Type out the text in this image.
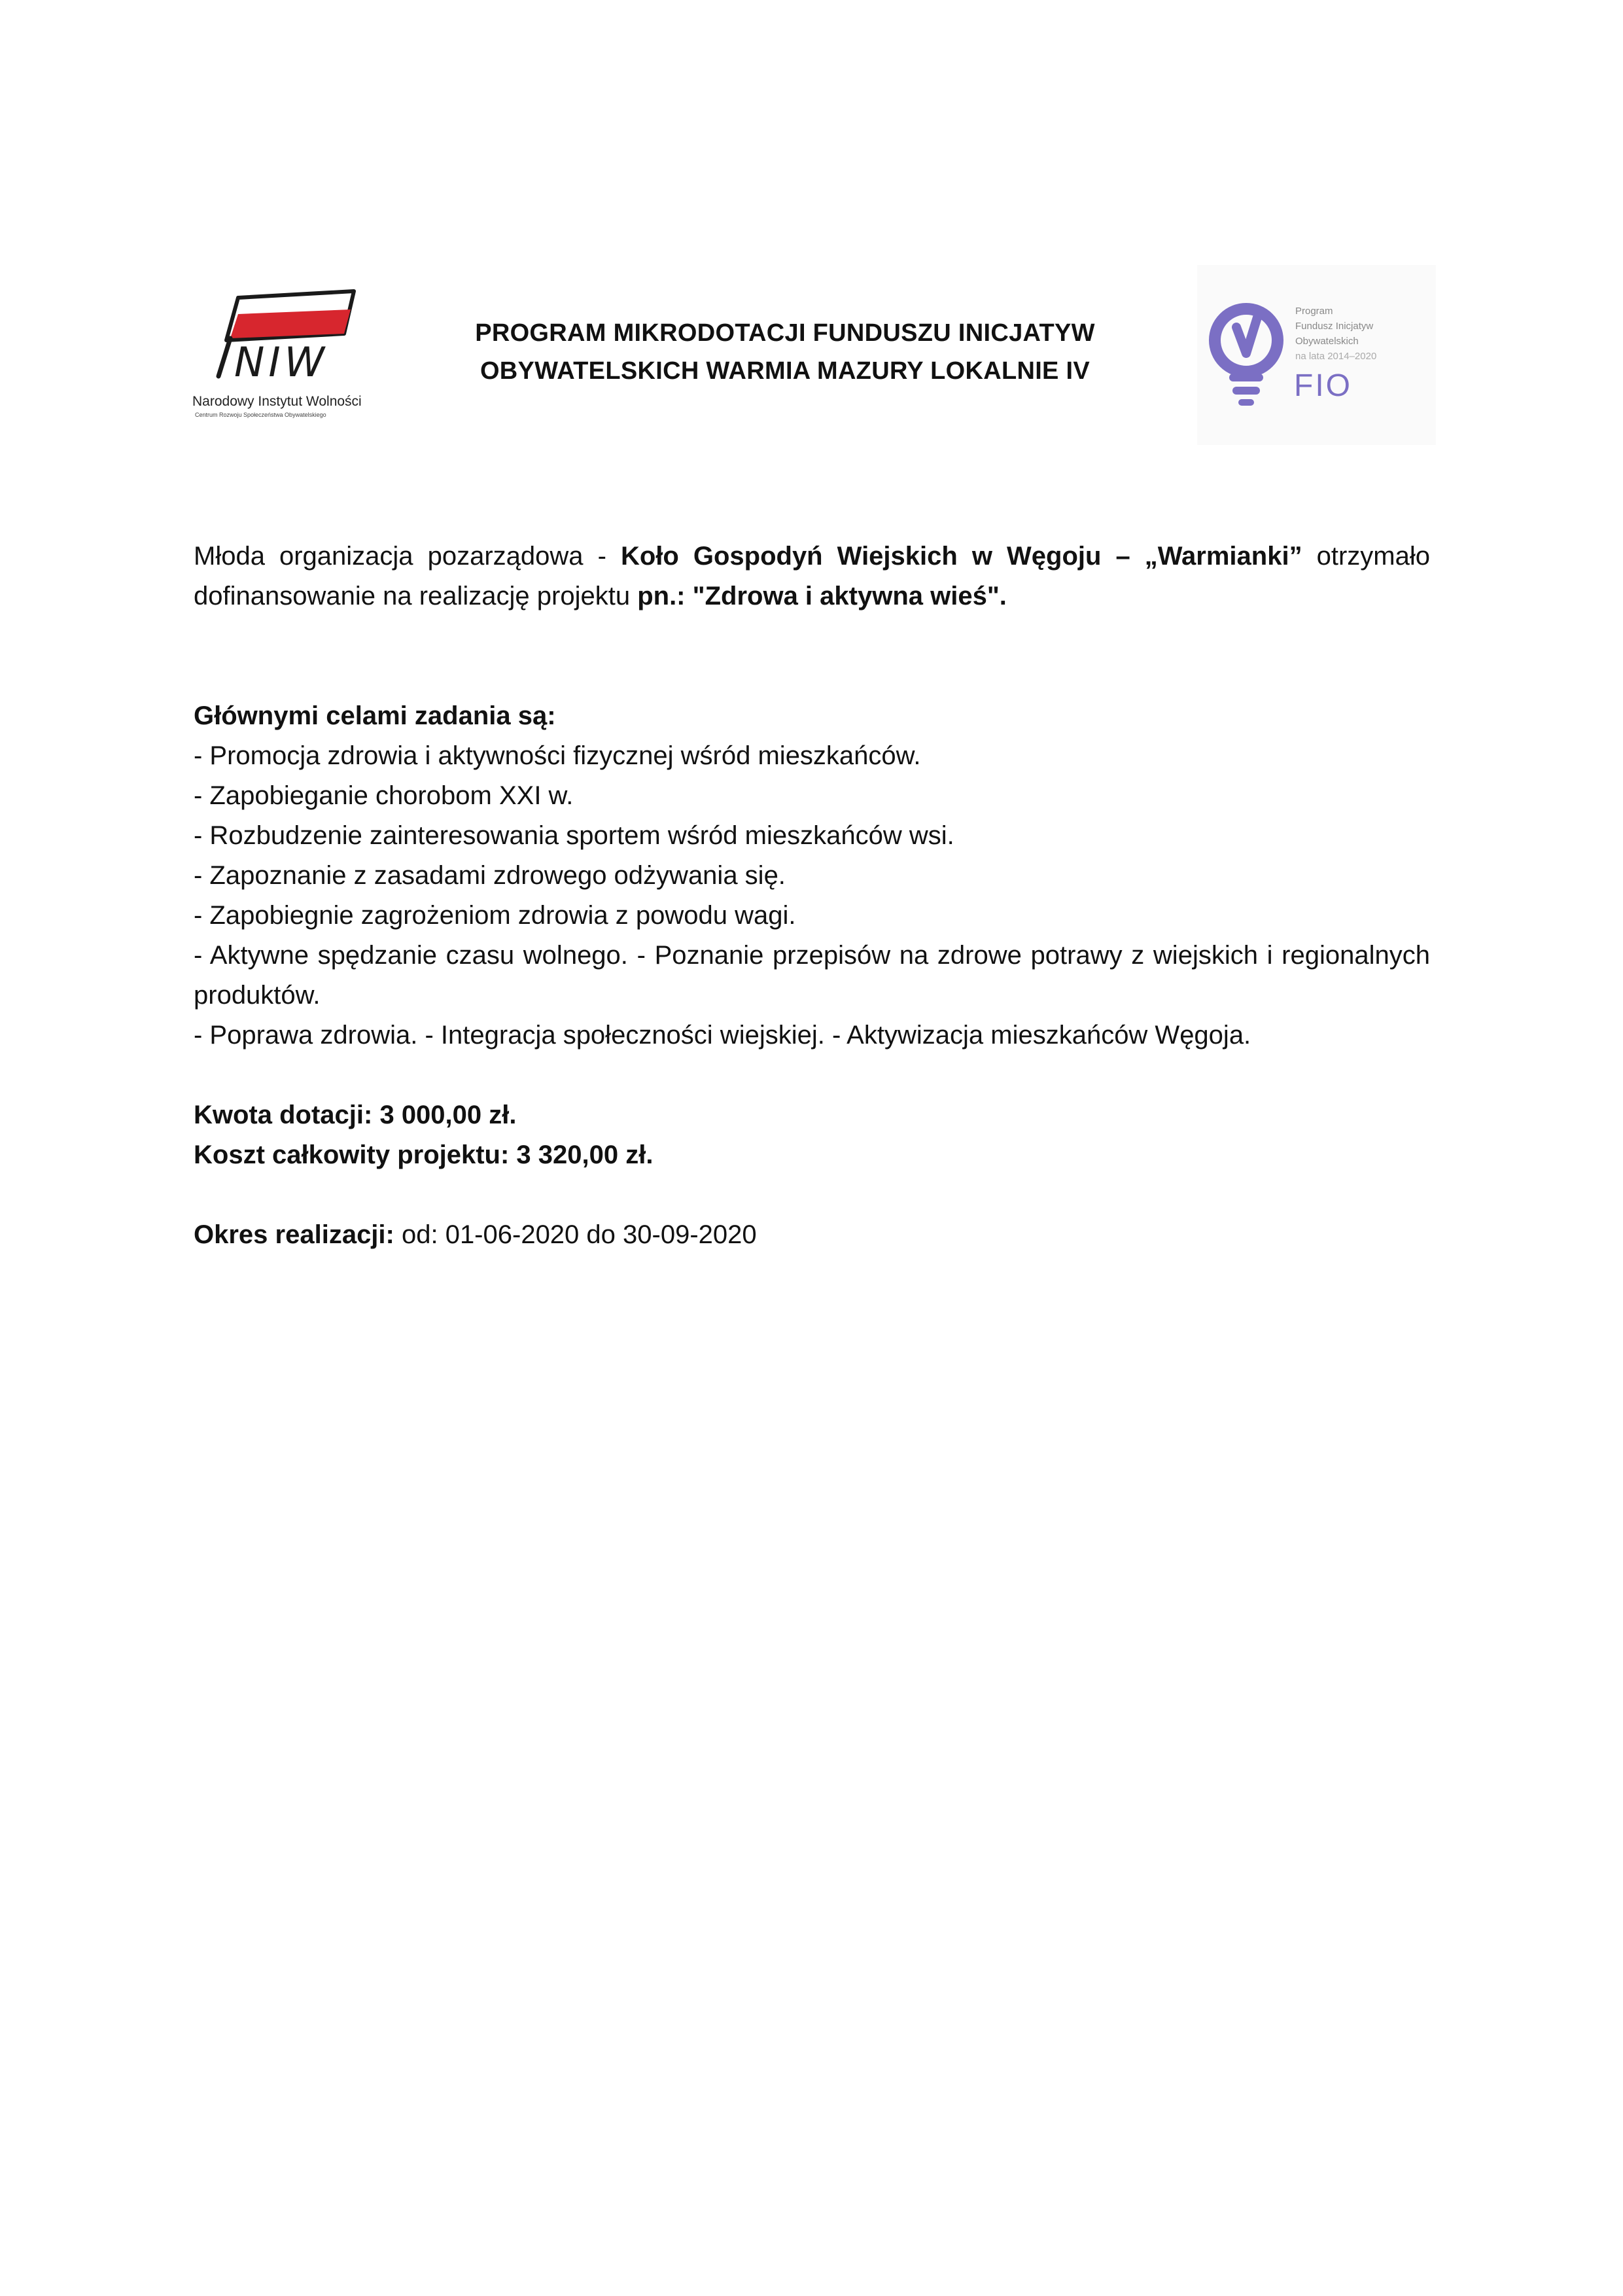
NIW
Narodowy Instytut Wolności
Centrum Rozwoju Społeczeństwa Obywatelskiego
PROGRAM MIKRODOTACJI FUNDUSZU INICJATYW
OBYWATELSKICH WARMIA MAZURY LOKALNIE IV
Program
Fundusz Inicjatyw
Obywatelskich
na lata 2014–2020
FIO

Młoda organizacja pozarządowa - Koło Gospodyń Wiejskich w Węgoju – „Warmianki” otrzymało dofinansowanie na realizację projektu pn.: "Zdrowa i aktywna wieś".

Głównymi celami zadania są:
- Promocja zdrowia i aktywności fizycznej wśród mieszkańców.
- Zapobieganie chorobom XXI w.
- Rozbudzenie zainteresowania sportem wśród mieszkańców wsi.
- Zapoznanie z zasadami zdrowego odżywania się.
- Zapobiegnie zagrożeniom zdrowia z powodu wagi.
- Aktywne spędzanie czasu wolnego. - Poznanie przepisów na zdrowe potrawy z wiejskich i regionalnych produktów.
- Poprawa zdrowia. - Integracja społeczności wiejskiej. - Aktywizacja mieszkańców Węgoja.
Kwota dotacji: 3 000,00 zł.
Koszt całkowity projektu: 3 320,00 zł.
Okres realizacji: od: 01-06-2020 do 30-09-2020
